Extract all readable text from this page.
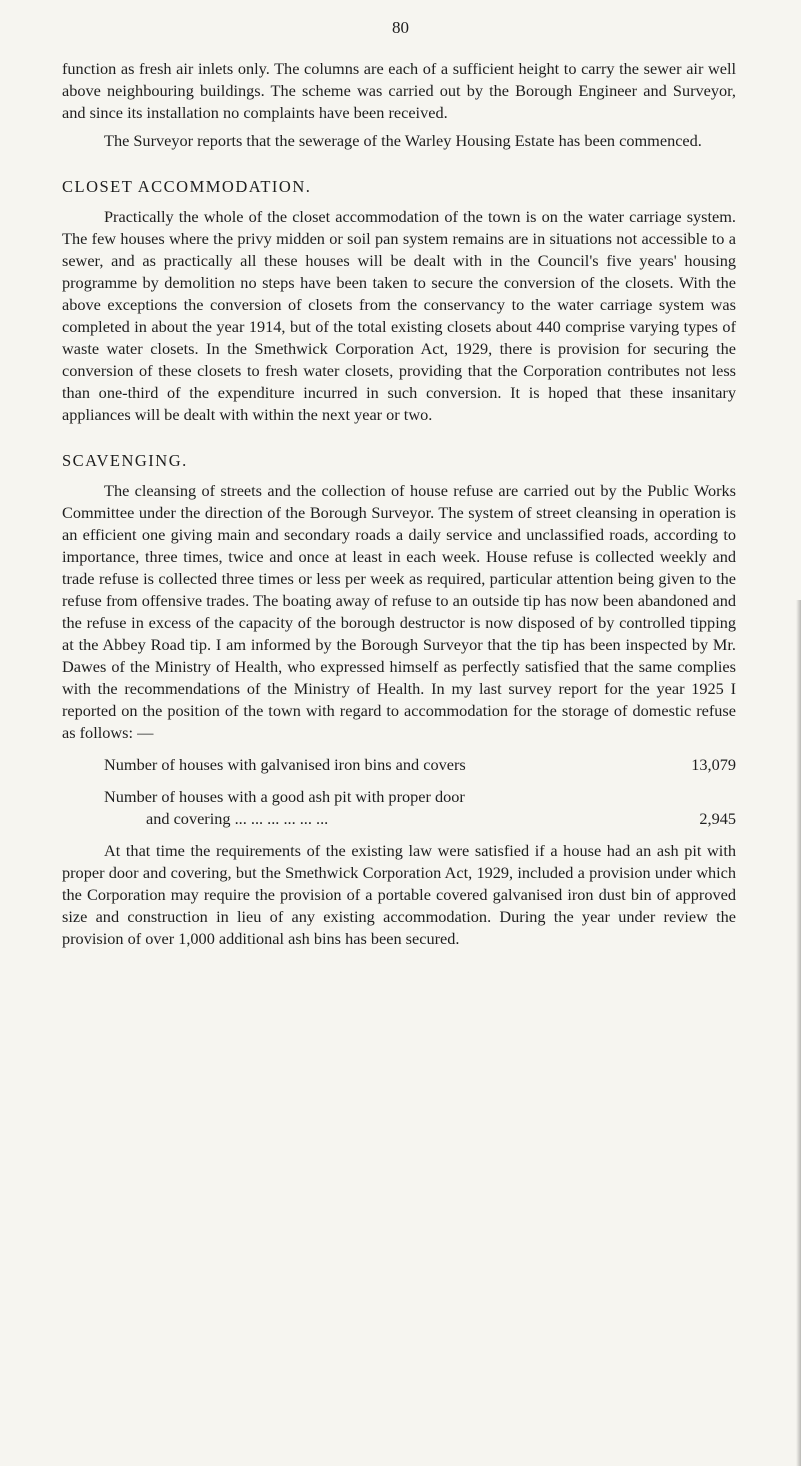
80

function as fresh air inlets only. The columns are each of a sufficient height to carry the sewer air well above neighbouring buildings. The scheme was carried out by the Borough Engineer and Surveyor, and since its installation no complaints have been received.

The Surveyor reports that the sewerage of the Warley Housing Estate has been commenced.

CLOSET ACCOMMODATION.

Practically the whole of the closet accommodation of the town is on the water carriage system. The few houses where the privy midden or soil pan system remains are in situations not accessible to a sewer, and as practically all these houses will be dealt with in the Council's five years' housing programme by demolition no steps have been taken to secure the conversion of the closets. With the above exceptions the conversion of closets from the conservancy to the water carriage system was completed in about the year 1914, but of the total existing closets about 440 comprise varying types of waste water closets. In the Smethwick Corporation Act, 1929, there is provision for securing the conversion of these closets to fresh water closets, providing that the Corporation contributes not less than one-third of the expenditure incurred in such conversion. It is hoped that these insanitary appliances will be dealt with within the next year or two.

SCAVENGING.

The cleansing of streets and the collection of house refuse are carried out by the Public Works Committee under the direction of the Borough Surveyor. The system of street cleansing in operation is an efficient one giving main and secondary roads a daily service and unclassified roads, according to importance, three times, twice and once at least in each week. House refuse is collected weekly and trade refuse is collected three times or less per week as required, particular attention being given to the refuse from offensive trades. The boating away of refuse to an outside tip has now been abandoned and the refuse in excess of the capacity of the borough destructor is now disposed of by controlled tipping at the Abbey Road tip. I am informed by the Borough Surveyor that the tip has been inspected by Mr. Dawes of the Ministry of Health, who expressed himself as perfectly satisfied that the same complies with the recommendations of the Ministry of Health. In my last survey report for the year 1925 I reported on the position of the town with regard to accommodation for the storage of domestic refuse as follows: —

Number of houses with galvanised iron bins and covers	13,079
Number of houses with a good ash pit with proper door
and covering ... ... ... ... ... ...	2,945

At that time the requirements of the existing law were satisfied if a house had an ash pit with proper door and covering, but the Smethwick Corporation Act, 1929, included a provision under which the Corporation may require the provision of a portable covered galvanised iron dust bin of approved size and construction in lieu of any existing accommodation. During the year under review the provision of over 1,000 additional ash bins has been secured.
